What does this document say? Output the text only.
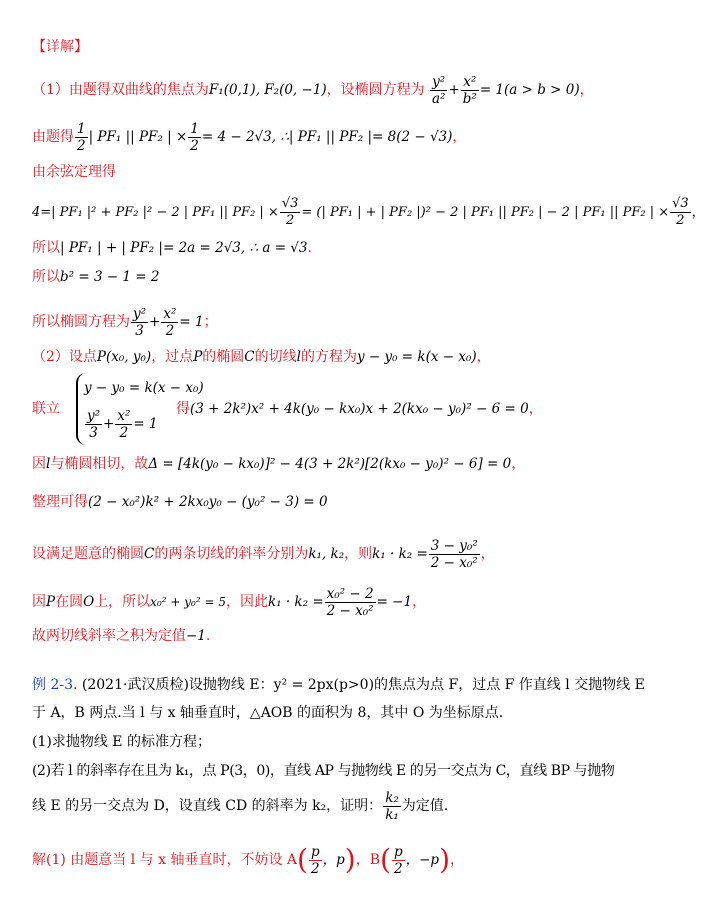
【详解】
（1）由题得双曲线的焦点为F₁(0,1), F₂(0, −1)，设椭圆方程为 $\frac{\text{y²}}{\text{a²}} + \frac{\text{x²}}{\text{b²}} = 1(a > b > 0)$，
由题得 $\frac{1}{2}$ | PF₁ || PF₂ | × $\frac{1}{2} = 4 - 2√3$, ∴| PF₁ || PF₂ |= 8(2 − √3)，
由余弦定理得
4=| PF₁ |² + PF₂ |² − 2 | PF₁ || PF₂ | × $\frac{√3}{2}$ = (| PF₁ | + | PF₂ |)² − 2 | PF₁ || PF₂ | − 2 | PF₁ || PF₂ | × $\frac{√3}{2}$ ，
所以| PF₁ | + | PF₂ |= 2a = 2√3, ∴ a = √3.
所以b² = 3 − 1 = 2
所以椭圆方程为 $\frac{\text{y²}}{3} + \frac{\text{x²}}{2} = 1$；
（2）设点P(x₀, y₀)，过点P的椭圆C的切线l的方程为y − y₀ = k(x − x₀)，
联立
y − y₀ = k(x − x₀)
$\frac{\text{y²}}{3} + \frac{\text{x²}}{2} = 1$
得(3 + 2k²)x² + 4k(y₀ − kx₀)x + 2(kx₀ − y₀)² − 6 = 0，
因l与椭圆相切，故Δ = [4k(y₀ − kx₀)]² − 4(3 + 2k²)[2(kx₀ − y₀)² − 6] = 0，
整理可得(2 − x₀²)k² + 2kx₀y₀ − (y₀² − 3) = 0
设满足题意的椭圆C的两条切线的斜率分别为k₁, k₂，则$k_1 \cdot k_2 = \frac{\text{3 − y₀²}}{\text{2 − x₀²}}$ ，
因P在圆O上，所以x₀² + y₀² = 5，因此$k_1 \cdot k_2 = \frac{\text{x₀² − 2}}{\text{2 − x₀²}} = -1$，
故两切线斜率之积为定值−1.
例 2-3. (2021·武汉质检)设抛物线 E：y² = 2px(p>0)的焦点为点 F，过点 F 作直线 l 交抛物线 E
于 A，B 两点.当 l 与 x 轴垂直时，△AOB 的面积为 8，其中 O 为坐标原点.
(1)求抛物线 E 的标准方程；
(2)若 l 的斜率存在且为 k₁，点 P(3，0)，直线 AP 与抛物线 E 的另一交点为 C，直线 BP 与抛物
线 E 的另一交点为 D，设直线 CD 的斜率为 k₂，证明： $\frac{\text{k₂}}{\text{k₁}}$ 为定值.
解(1) 由题意当 l 与 x 轴垂直时，不妨设 $A( \frac{p}{2}$ ，p)，$B( \frac{p}{2}$ ，−p)，
